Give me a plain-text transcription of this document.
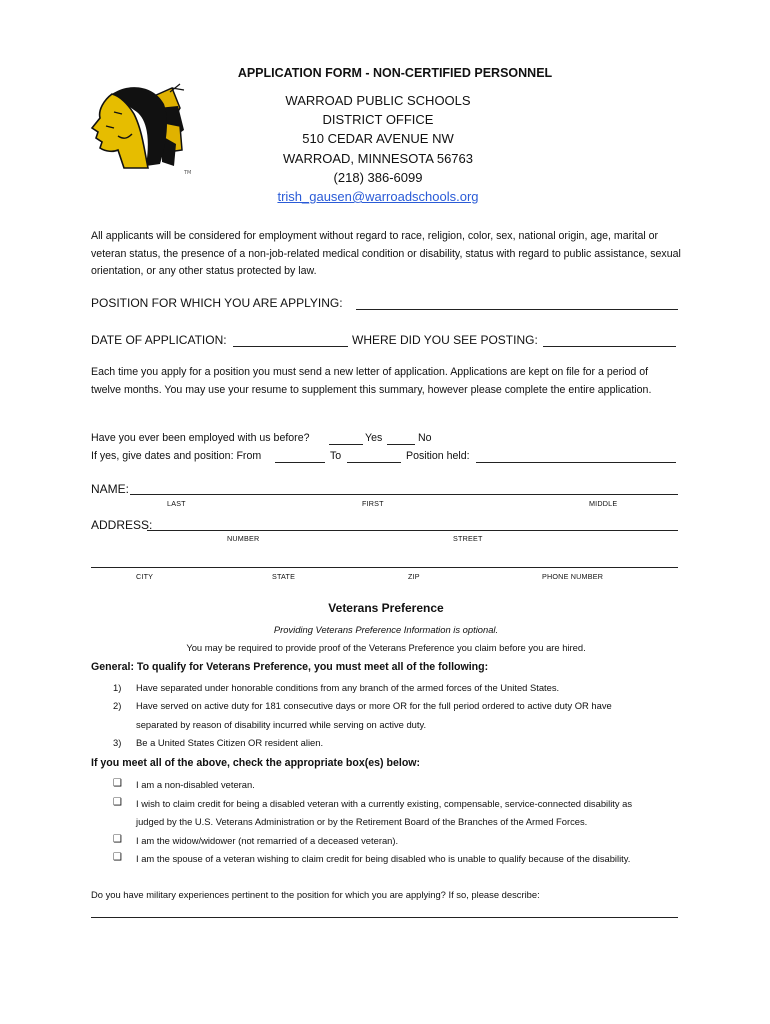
TM
APPLICATION FORM - NON-CERTIFIED PERSONNEL
WARROAD PUBLIC SCHOOLS
DISTRICT OFFICE
510 CEDAR AVENUE NW
WARROAD, MINNESOTA 56763
(218) 386-6099
trish_gausen@warroadschools.org
All applicants will be considered for employment without regard to race, religion, color, sex, national origin, age, marital or veteran status, the presence of a non-job-related medical condition or disability, status with regard to public assistance, sexual orientation, or any other status protected by law.
POSITION FOR WHICH YOU ARE APPLYING:
DATE OF APPLICATION:	WHERE DID YOU SEE POSTING:
Each time you apply for a position you must send a new letter of application. Applications are kept on file for a period of twelve months. You may use your resume to supplement this summary, however please complete the entire application.
Have you ever been employed with us before?	Yes	No
If yes, give dates and position: From	To	Position held:
NAME:
LAST	FIRST	MIDDLE
ADDRESS:
NUMBER	STREET
CITY	STATE	ZIP	PHONE NUMBER
Veterans Preference
Providing Veterans Preference Information is optional.
You may be required to provide proof of the Veterans Preference you claim before you are hired.
General: To qualify for Veterans Preference, you must meet all of the following:
1) Have separated under honorable conditions from any branch of the armed forces of the United States.
2) Have served on active duty for 181 consecutive days or more OR for the full period ordered to active duty OR have
separated by reason of disability incurred while serving on active duty.
3) Be a United States Citizen OR resident alien.
If you meet all of the above, check the appropriate box(es) below:
❑ I am a non-disabled veteran.
❑ I wish to claim credit for being a disabled veteran with a currently existing, compensable, service-connected disability as
judged by the U.S. Veterans Administration or by the Retirement Board of the Branches of the Armed Forces.
❑ I am the widow/widower (not remarried of a deceased veteran).
❑ I am the spouse of a veteran wishing to claim credit for being disabled who is unable to qualify because of the disability.
Do you have military experiences pertinent to the position for which you are applying? If so, please describe:
